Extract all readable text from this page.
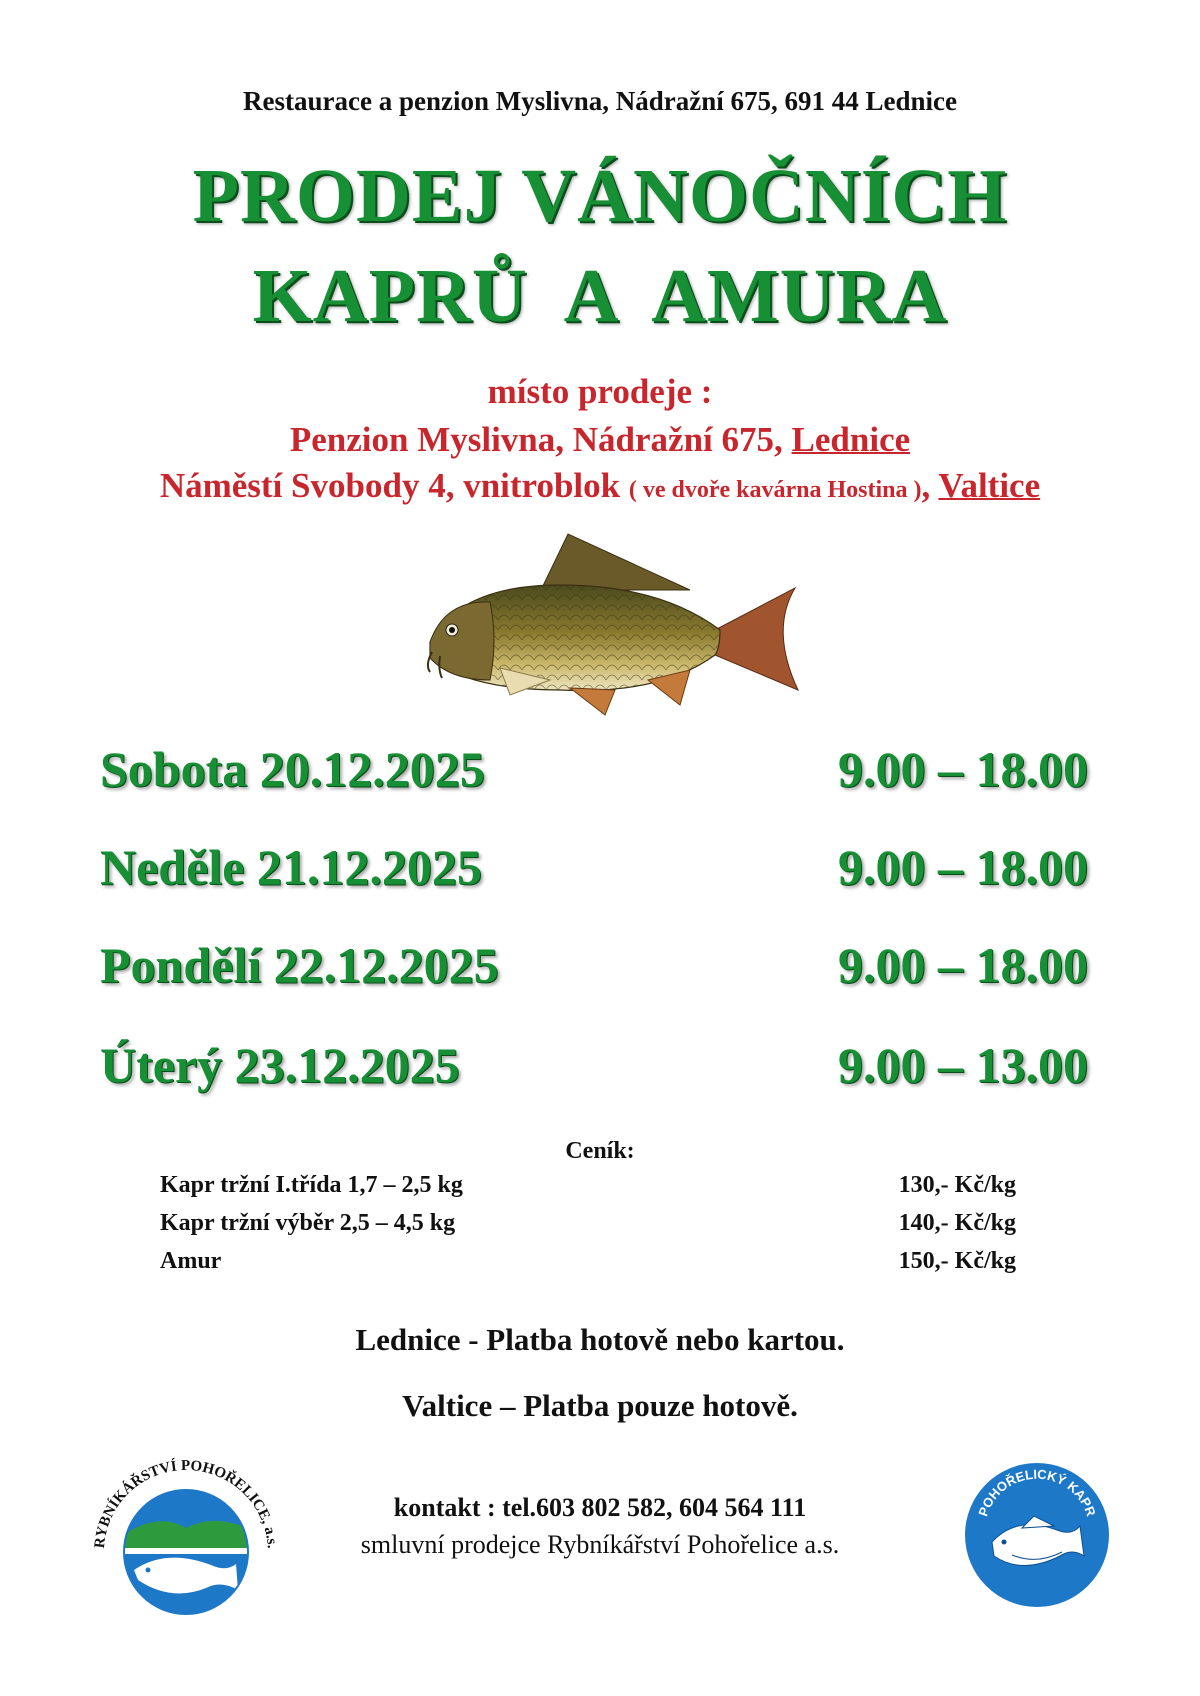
Restaurace a penzion Myslivna, Nádražní 675, 691 44 Lednice
PRODEJ VÁNOČNÍCH
KAPRŮ  A  AMURA
místo prodeje :
Penzion Myslivna, Nádražní 675, Lednice
Náměstí Svobody 4, vnitroblok ( ve dvoře kavárna Hostina ), Valtice
Sobota 20.12.2025	9.00 – 18.00
Neděle 21.12.2025	9.00 – 18.00
Pondělí 22.12.2025	9.00 – 18.00
Úterý 23.12.2025	9.00 – 13.00
Ceník:
Kapr tržní I.třída 1,7 – 2,5 kg	130,- Kč/kg
Kapr tržní výběr 2,5 – 4,5 kg	140,- Kč/kg
Amur	150,- Kč/kg
Lednice - Platba hotově nebo kartou.
Valtice – Platba pouze hotově.
kontakt : tel.603 802 582, 604 564 111
smluvní prodejce Rybníkářství Pohořelice a.s.
RYBNÍKÁŘSTVÍ POHOŘELICE, a.s.
POHOŘELICKÝ KAPR
